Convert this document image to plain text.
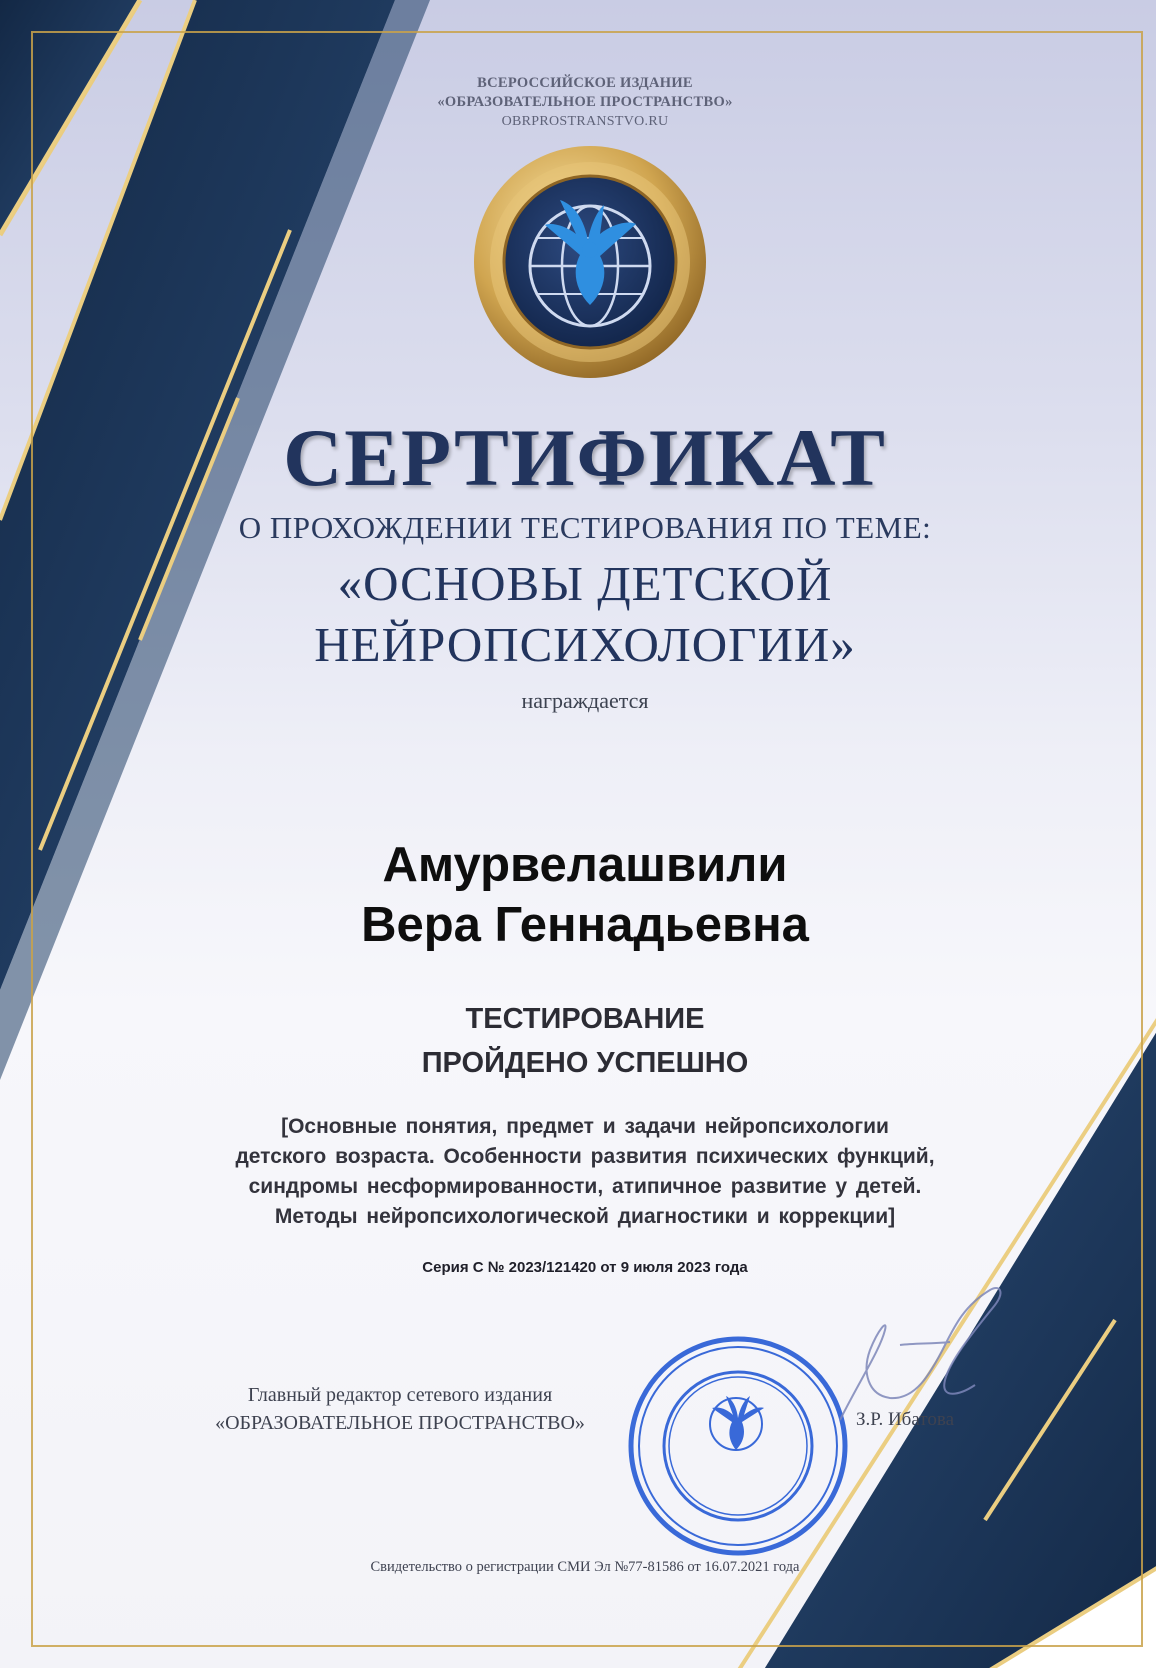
ВСЕРОССИЙСКОЕ ИЗДАНИЕ
«ОБРАЗОВАТЕЛЬНОЕ ПРОСТРАНСТВО»
OBRPROSTRANSTVO.RU

СЕРТИФИКАТ

О ПРОХОЖДЕНИИ ТЕСТИРОВАНИЯ ПО ТЕМЕ:

«ОСНОВЫ ДЕТСКОЙ
НЕЙРОПСИХОЛОГИИ»

награждается

Амурвелашвили
Вера Геннадьевна

ТЕСТИРОВАНИЕ
ПРОЙДЕНО УСПЕШНО

[Основные понятия, предмет и задачи нейропсихологии
детского возраста. Особенности развития психических функций,
синдромы несформированности, атипичное развитие у детей.
Методы нейропсихологической диагностики и коррекции]

Серия С № 2023/121420 от 9 июля 2023 года

Главный редактор сетевого издания
«ОБРАЗОВАТЕЛЬНОЕ ПРОСТРАНСТВО»	З.Р. Ибатова

Свидетельство о регистрации СМИ Эл №77-81586 от 16.07.2021 года
